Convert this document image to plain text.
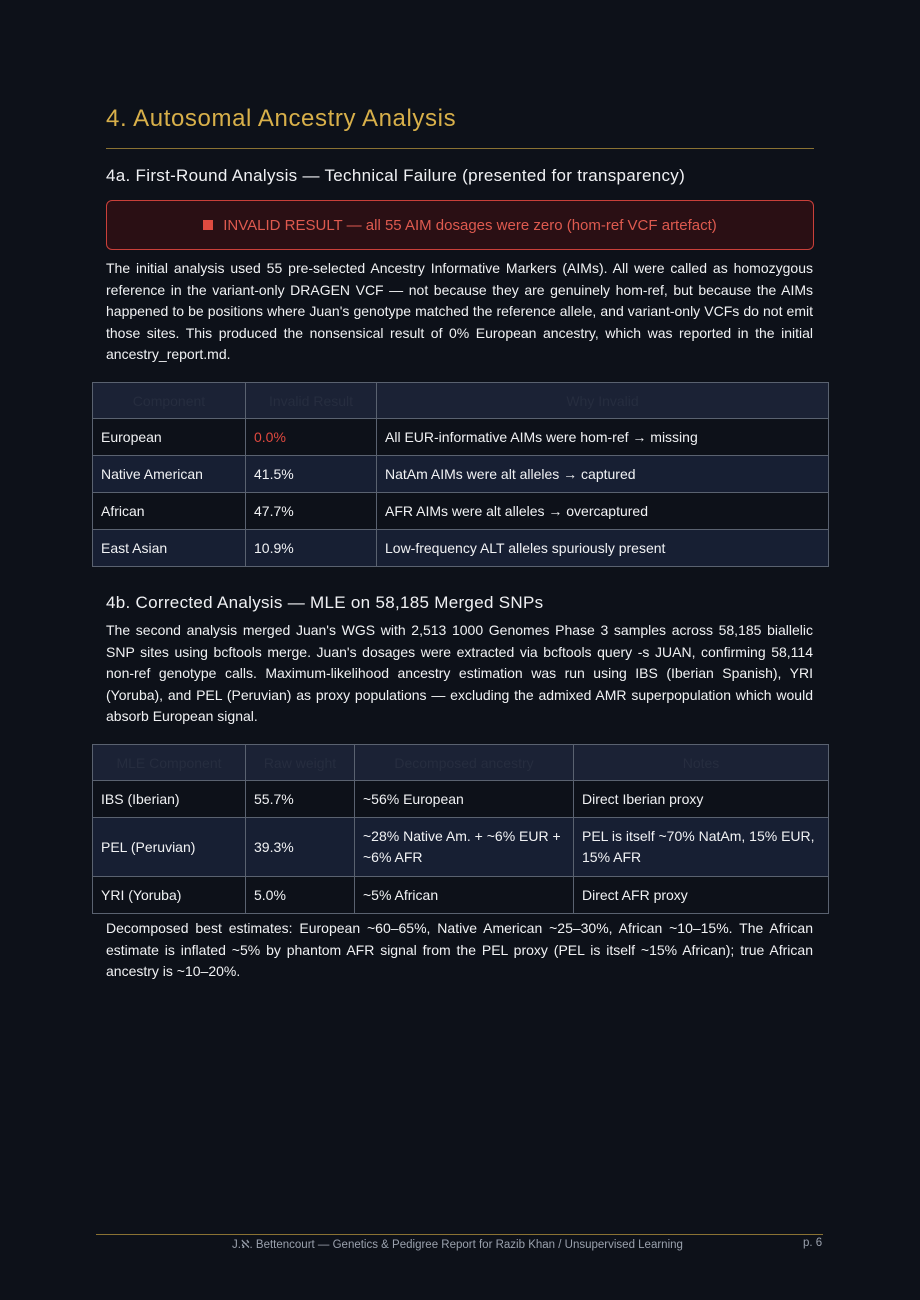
4. Autosomal Ancestry Analysis
4a. First-Round Analysis — Technical Failure (presented for transparency)
INVALID RESULT — all 55 AIM dosages were zero (hom-ref VCF artefact)

The initial analysis used 55 pre-selected Ancestry Informative Markers (AIMs). All were called as homozygous reference in the variant-only DRAGEN VCF — not because they are genuinely hom-ref, but because the AIMs happened to be positions where Juan's genotype matched the reference allele, and variant-only VCFs do not emit those sites. This produced the nonsensical result of 0% European ancestry, which was reported in the initial ancestry_report.md.

Component	Invalid Result	Why Invalid
European	0.0%	All EUR-informative AIMs were hom-ref → missing
Native American	41.5%	NatAm AIMs were alt alleles → captured
African	47.7%	AFR AIMs were alt alleles → overcaptured
East Asian	10.9%	Low-frequency ALT alleles spuriously present
4b. Corrected Analysis — MLE on 58,185 Merged SNPs

The second analysis merged Juan's WGS with 2,513 1000 Genomes Phase 3 samples across 58,185 biallelic SNP sites using bcftools merge. Juan's dosages were extracted via bcftools query -s JUAN, confirming 58,114 non-ref genotype calls. Maximum-likelihood ancestry estimation was run using IBS (Iberian Spanish), YRI (Yoruba), and PEL (Peruvian) as proxy populations — excluding the admixed AMR superpopulation which would absorb European signal.

MLE Component	Raw weight	Decomposed ancestry	Notes
IBS (Iberian)	55.7%	~56% European	Direct Iberian proxy
PEL (Peruvian)	39.3%	~28% Native Am. + ~6% EUR + ~6% AFR	PEL is itself ~70% NatAm, 15% EUR, 15% AFR
YRI (Yoruba)	5.0%	~5% African	Direct AFR proxy

Decomposed best estimates: European ~60–65%, Native American ~25–30%, African ~10–15%. The African estimate is inflated ~5% by phantom AFR signal from the PEL proxy (PEL is itself ~15% African); true African ancestry is ~10–20%.

J.ℵ. Bettencourt — Genetics & Pedigree Report for Razib Khan / Unsupervised Learning	p. 6
